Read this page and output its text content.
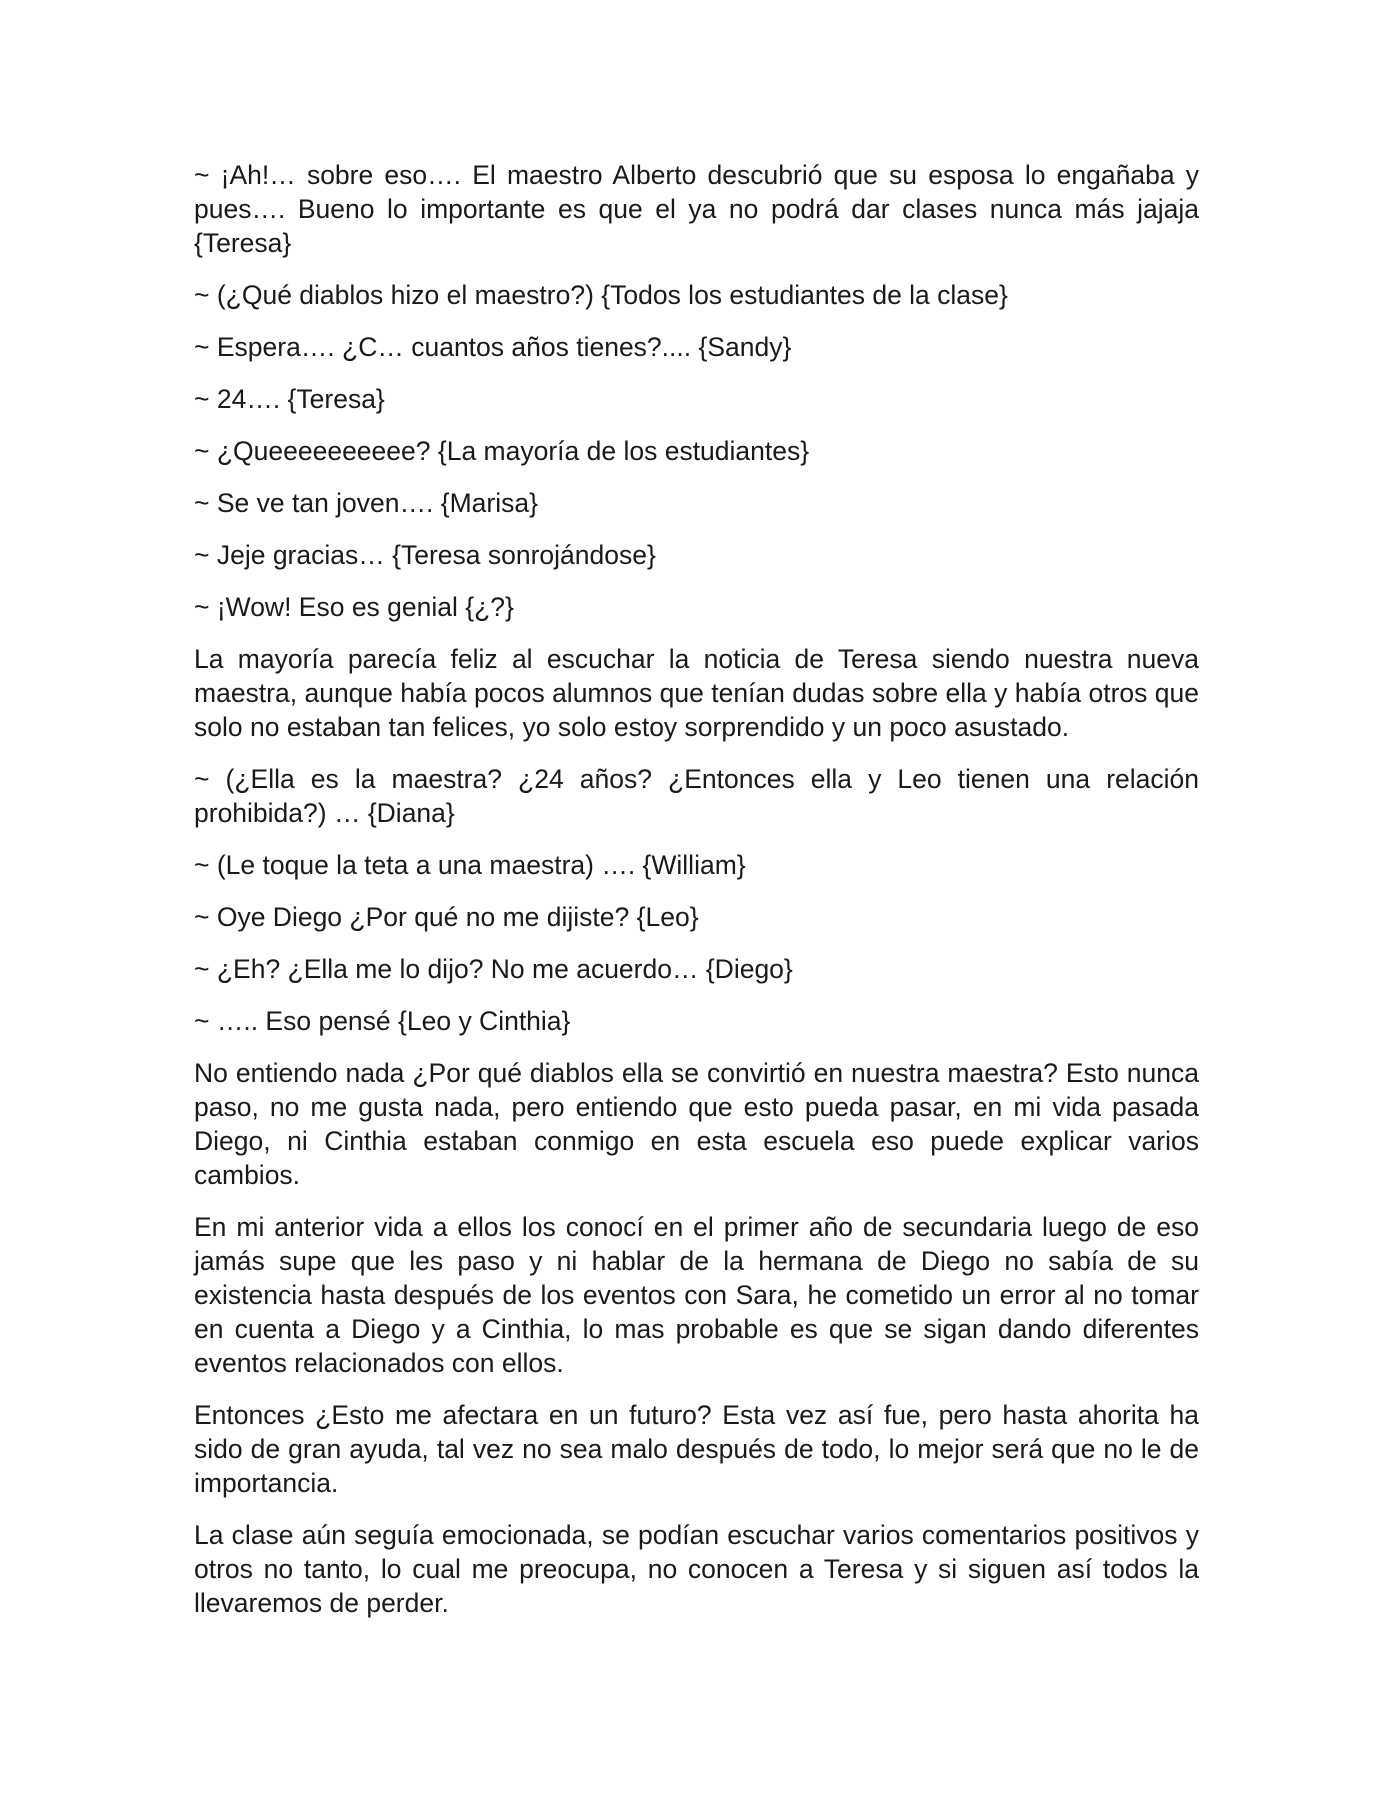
~ ¡Ah!… sobre eso…. El maestro Alberto descubrió que su esposa lo engañaba y pues…. Bueno lo importante es que el ya no podrá dar clases nunca más jajaja {Teresa}

~ (¿Qué diablos hizo el maestro?) {Todos los estudiantes de la clase}

~ Espera…. ¿C… cuantos años tienes?.... {Sandy}

~ 24…. {Teresa}

~ ¿Queeeeeeeeee? {La mayoría de los estudiantes}

~ Se ve tan joven…. {Marisa}

~ Jeje gracias… {Teresa sonrojándose}

~ ¡Wow! Eso es genial {¿?}

La mayoría parecía feliz al escuchar la noticia de Teresa siendo nuestra nueva maestra, aunque había pocos alumnos que tenían dudas sobre ella y había otros que solo no estaban tan felices, yo solo estoy sorprendido y un poco asustado.

~ (¿Ella es la maestra? ¿24 años? ¿Entonces ella y Leo tienen una relación prohibida?) … {Diana}

~ (Le toque la teta a una maestra) …. {William}

~ Oye Diego ¿Por qué no me dijiste? {Leo}

~ ¿Eh? ¿Ella me lo dijo? No me acuerdo… {Diego}

~ ….. Eso pensé {Leo y Cinthia}

No entiendo nada ¿Por qué diablos ella se convirtió en nuestra maestra? Esto nunca paso, no me gusta nada, pero entiendo que esto pueda pasar, en mi vida pasada Diego, ni Cinthia estaban conmigo en esta escuela eso puede explicar varios cambios.

En mi anterior vida a ellos los conocí en el primer año de secundaria luego de eso jamás supe que les paso y ni hablar de la hermana de Diego no sabía de su existencia hasta después de los eventos con Sara, he cometido un error al no tomar en cuenta a Diego y a Cinthia, lo mas probable es que se sigan dando diferentes eventos relacionados con ellos.

Entonces ¿Esto me afectara en un futuro? Esta vez así fue, pero hasta ahorita ha sido de gran ayuda, tal vez no sea malo después de todo, lo mejor será que no le de importancia.

La clase aún seguía emocionada, se podían escuchar varios comentarios positivos y otros no tanto, lo cual me preocupa, no conocen a Teresa y si siguen así todos la llevaremos de perder.
